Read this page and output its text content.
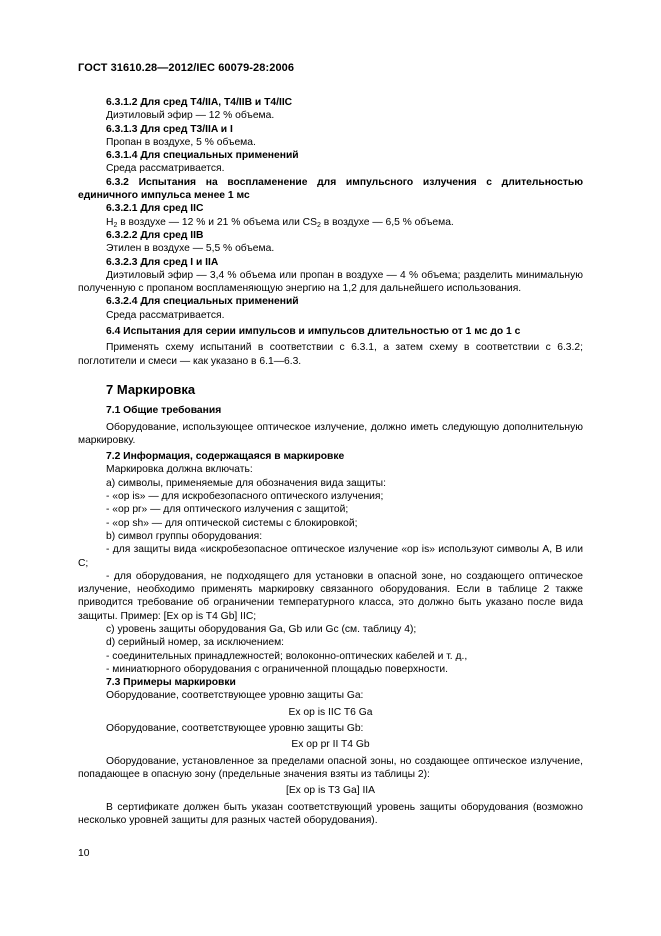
ГОСТ 31610.28—2012/IEC 60079-28:2006

6.3.1.2 Для сред T4/IIA, T4/IIB и T4/IIC

Диэтиловый эфир — 12 % объема.

6.3.1.3 Для сред T3/IIA и I

Пропан в воздухе, 5 % объема.

6.3.1.4 Для специальных применений

Среда рассматривается.

6.3.2 Испытания на воспламенение для импульсного излучения с длительностью единичного импульса менее 1 мс

6.3.2.1 Для сред IIC

$H_2$ в воздухе — 12 % и 21 % объема или $CS_2$ в воздухе — 6,5 % объема.

6.3.2.2 Для сред IIB

Этилен в воздухе — 5,5 % объема.

6.3.2.3 Для сред I и IIA

Диэтиловый эфир — 3,4 % объема или пропан в воздухе — 4 % объема; разделить минимальную полученную с пропаном воспламеняющую энергию на 1,2 для дальнейшего использования.

6.3.2.4 Для специальных применений

Среда рассматривается.

6.4 Испытания для серии импульсов и импульсов длительностью от 1 мс до 1 с

Применять схему испытаний в соответствии с 6.3.1, а затем схему в соответствии с 6.3.2; поглотители и смеси — как указано в 6.1—6.3.

7 Маркировка

7.1 Общие требования

Оборудование, использующее оптическое излучение, должно иметь следующую дополнительную маркировку.

7.2 Информация, содержащаяся в маркировке

Маркировка должна включать:

а) символы, применяемые для обозначения вида защиты:

- «op is» — для искробезопасного оптического излучения;

- «op pr» — для оптического излучения с защитой;

- «op sh» — для оптической системы с блокировкой;

b) символ группы оборудования:

- для защиты вида «искробезопасное оптическое излучение «op is» используют символы А, В или С;

- для оборудования, не подходящего для установки в опасной зоне, но создающего оптическое излучение, необходимо применять маркировку связанного оборудования. Если в таблице 2 также приводится требование об ограничении температурного класса, это должно быть указано после вида защиты. Пример: [Ex op is T4 Gb] IIC;

с) уровень защиты оборудования Ga, Gb или Gc (см. таблицу 4);

d) серийный номер, за исключением:

- соединительных принадлежностей; волоконно-оптических кабелей и т. д.,

- миниатюрного оборудования с ограниченной площадью поверхности.

7.3 Примеры маркировки

Оборудование, соответствующее уровню защиты Ga:

Ex op is IIC T6 Ga

Оборудование, соответствующее уровню защиты Gb:

Ex op pr II T4 Gb

Оборудование, установленное за пределами опасной зоны, но создающее оптическое излучение, попадающее в опасную зону (предельные значения взяты из таблицы 2):

[Ex op is T3 Ga] IIA

В сертификате должен быть указан соответствующий уровень защиты оборудования (возможно несколько уровней защиты для разных частей оборудования).

10
